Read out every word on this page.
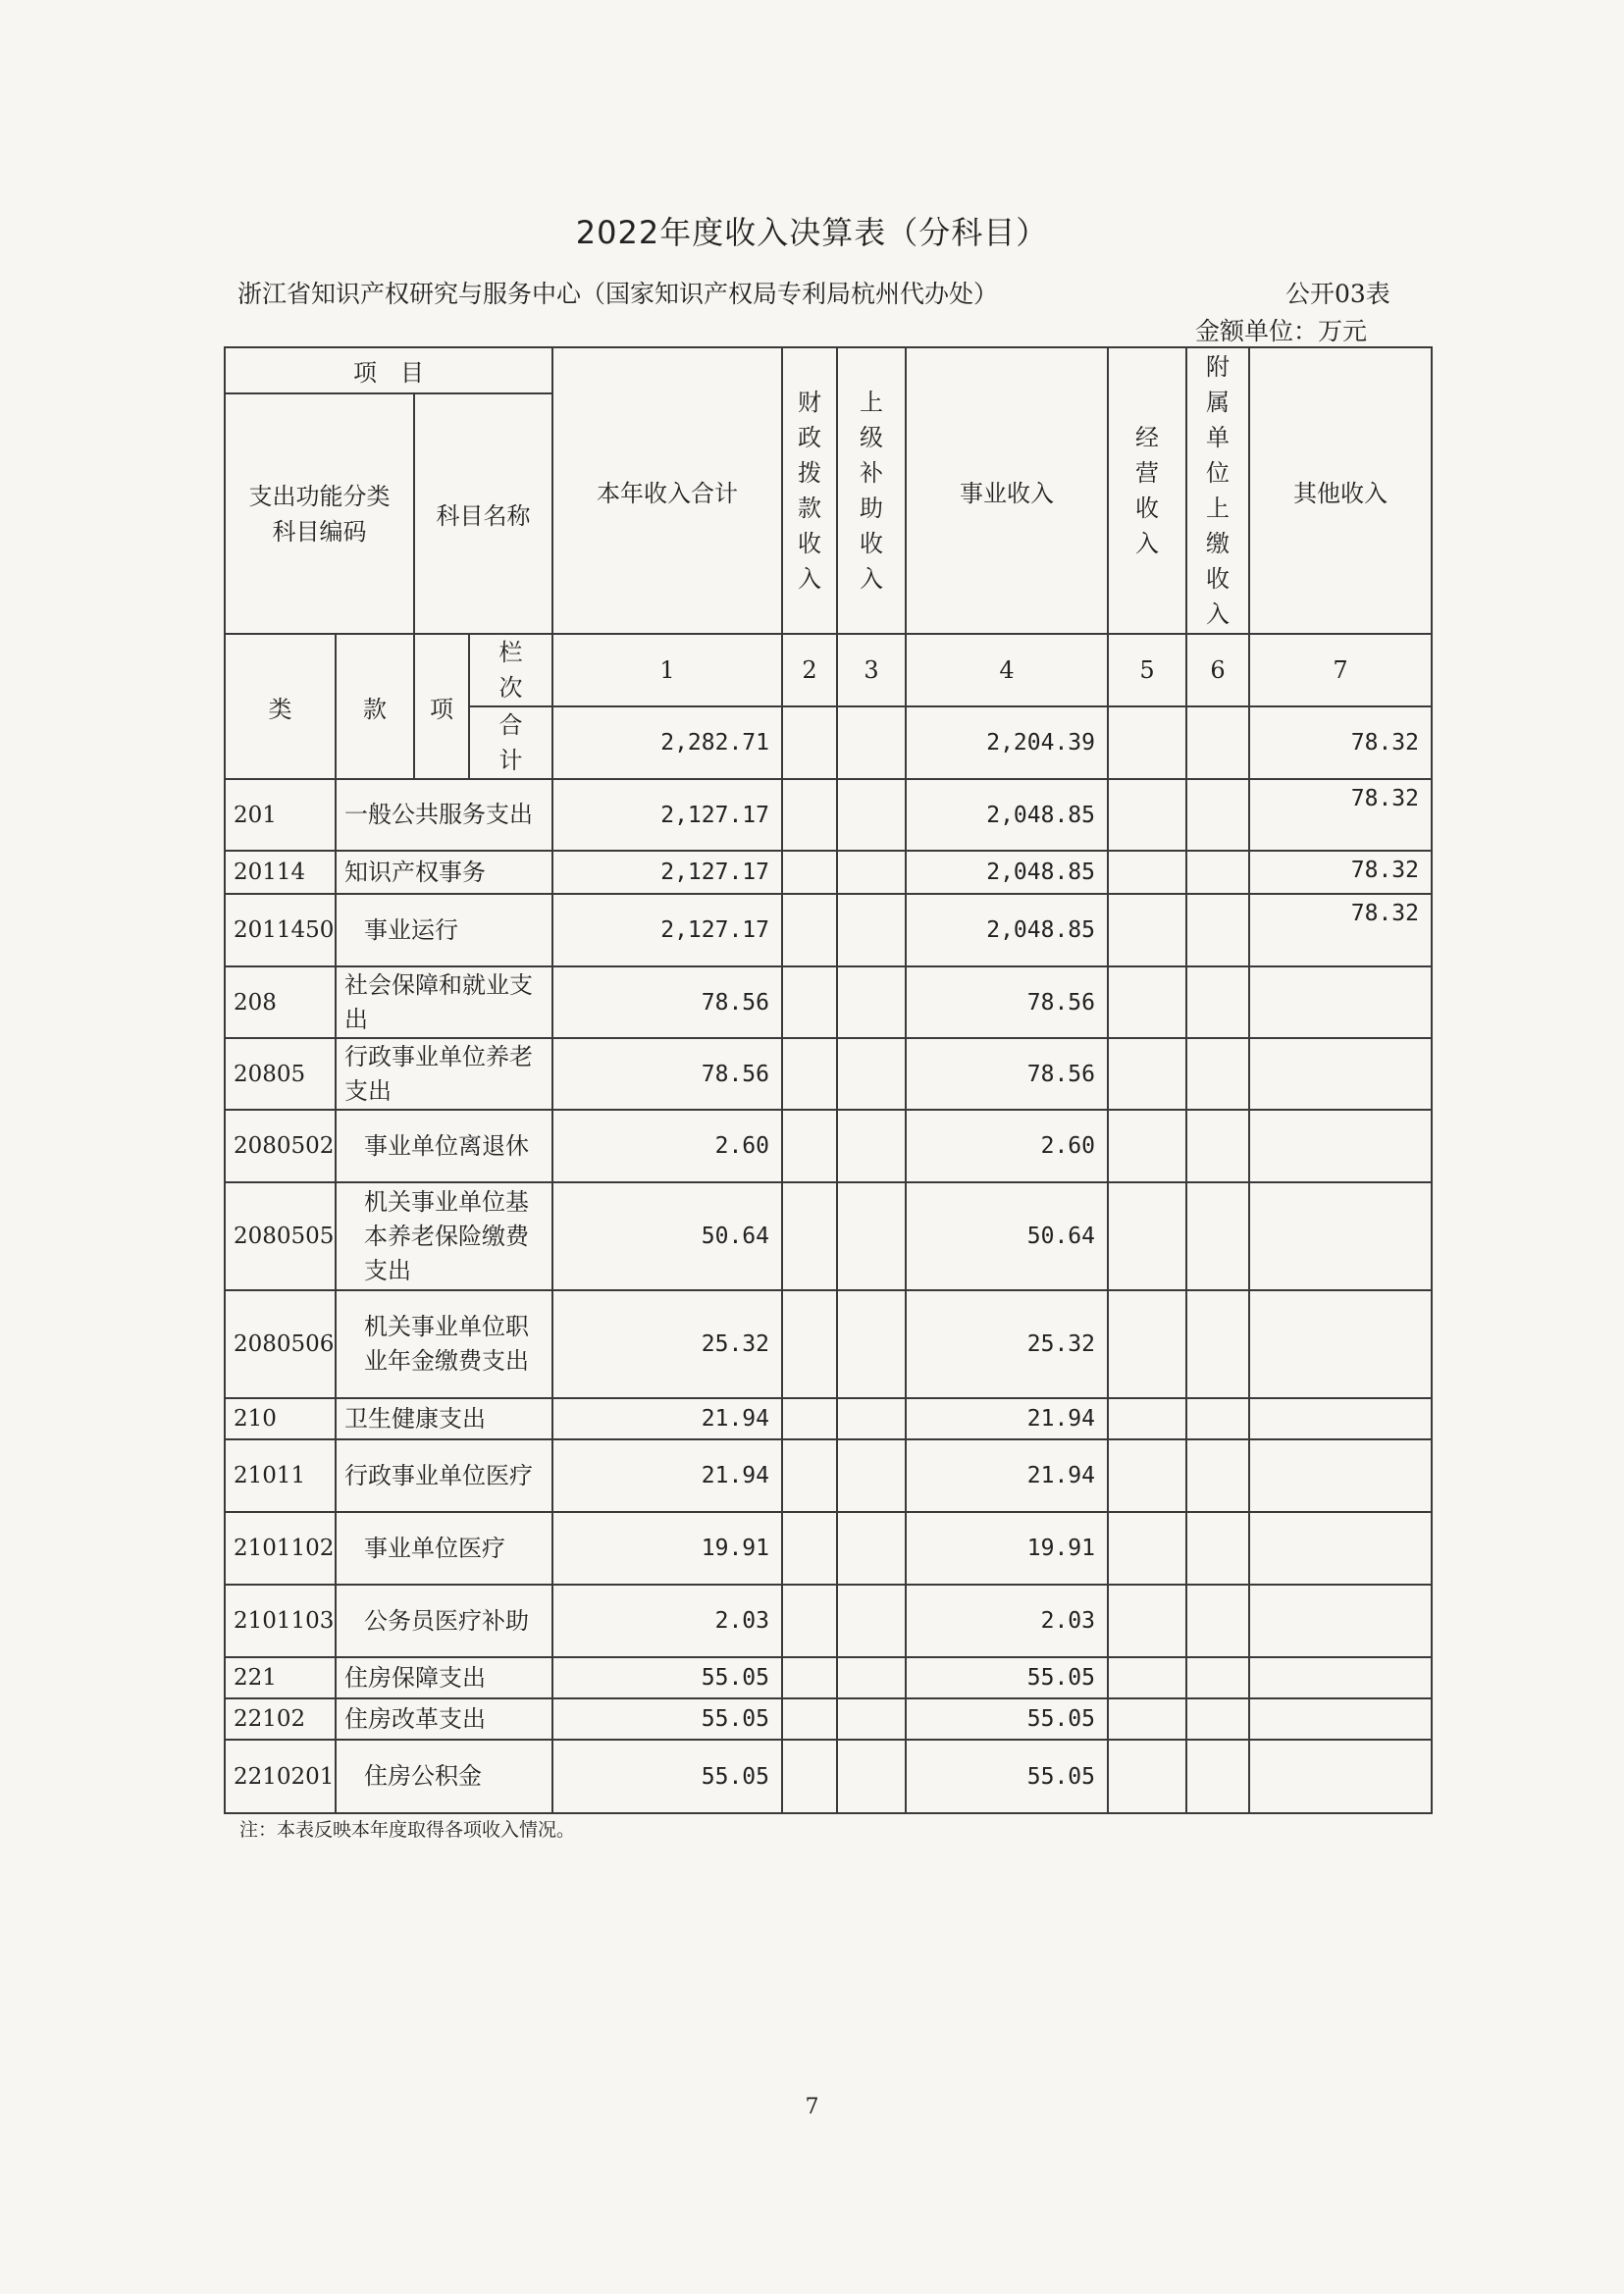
2022年度收入决算表（分科目）
浙江省知识产权研究与服务中心（国家知识产权局专利局杭州代办处）	公开03表
金额单位：万元
项　目				本年收入合计	财政拨款收入	上级补助收入	事业收入	经营收入	附属单位上缴收入	其他收入
支出功能分类科目编码		科目名称								
类	款	项	栏次	1	2	3	4	5	6	7

			合计	2,282.71			2,204.39			78.32
201	一般公共服务支出			2,127.17			2,048.85			78.32
20114	知识产权事务			2,127.17			2,048.85			78.32
2011450	事业运行			2,127.17			2,048.85			78.32
208	社会保障和就业支出			78.56			78.56			
20805	行政事业单位养老支出			78.56			78.56			
2080502	事业单位离退休			2.60			2.60			
2080505	机关事业单位基本养老保险缴费支出			50.64			50.64			
2080506	机关事业单位职业年金缴费支出			25.32			25.32			
210	卫生健康支出			21.94			21.94			
21011	行政事业单位医疗			21.94			21.94			
2101102	事业单位医疗			19.91			19.91			
2101103	公务员医疗补助			2.03			2.03			
221	住房保障支出			55.05			55.05			
22102	住房改革支出			55.05			55.05			
2210201	住房公积金			55.05			55.05			
注：本表反映本年度取得各项收入情况。
7
